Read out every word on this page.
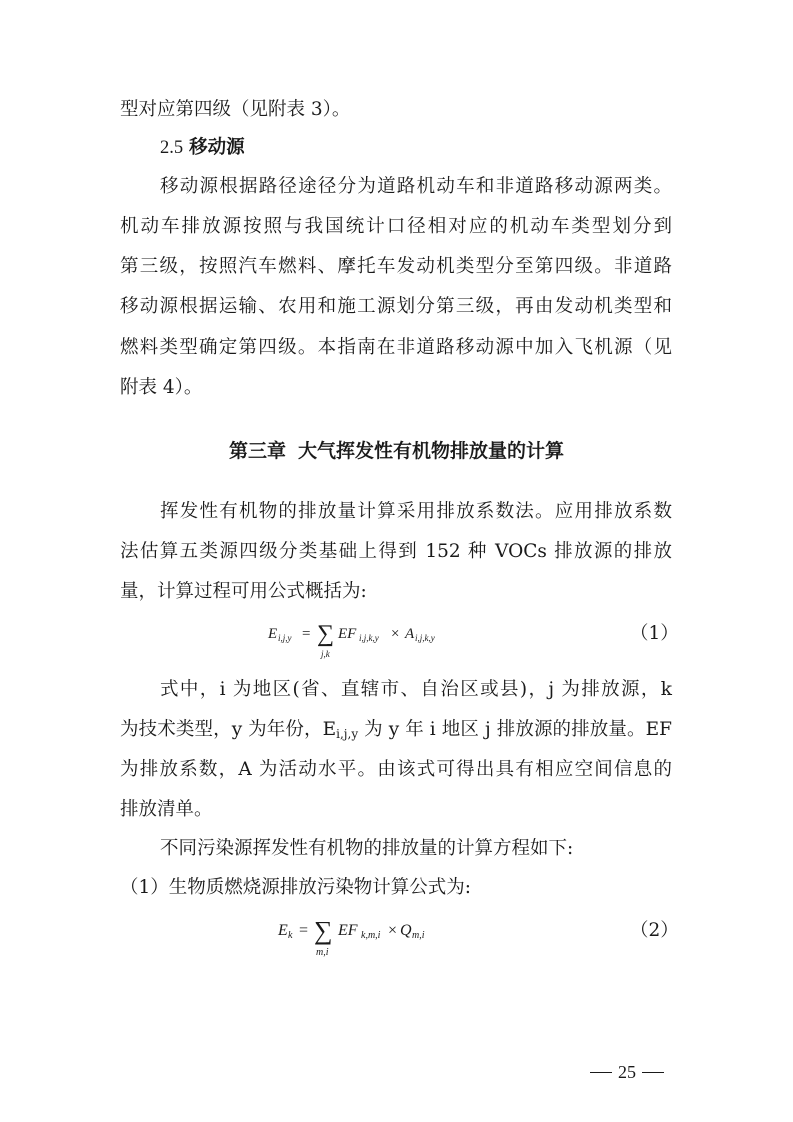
型对应第四级（见附表 3）。
2.5 移动源
移动源根据路径途径分为道路机动车和非道路移动源两类。
机动车排放源按照与我国统计口径相对应的机动车类型划分到
第三级，按照汽车燃料、摩托车发动机类型分至第四级。非道路
移动源根据运输、农用和施工源划分第三级，再由发动机类型和
燃料类型确定第四级。本指南在非道路移动源中加入飞机源（见
附表 4）。
第三章 大气挥发性有机物排放量的计算
挥发性有机物的排放量计算采用排放系数法。应用排放系数
法估算五类源四级分类基础上得到 152 种 VOCs 排放源的排放
量，计算过程可用公式概括为:
E i,j,y = ∑
j,k
EF i,j,k,y × A i,j,k,y	（1）
式中，i 为地区(省、直辖市、自治区或县)，j 为排放源，k
为技术类型，y 为年份，$E_{i,j,y}$ 为 y 年 i 地区 j 排放源的排放量。EF
为排放系数，A 为活动水平。由该式可得出具有相应空间信息的
排放清单。
不同污染源挥发性有机物的排放量的计算方程如下:
（1）生物质燃烧源排放污染物计算公式为:
E k = ∑
m,i
EF k,m,i × Q m,i	（2）
25
